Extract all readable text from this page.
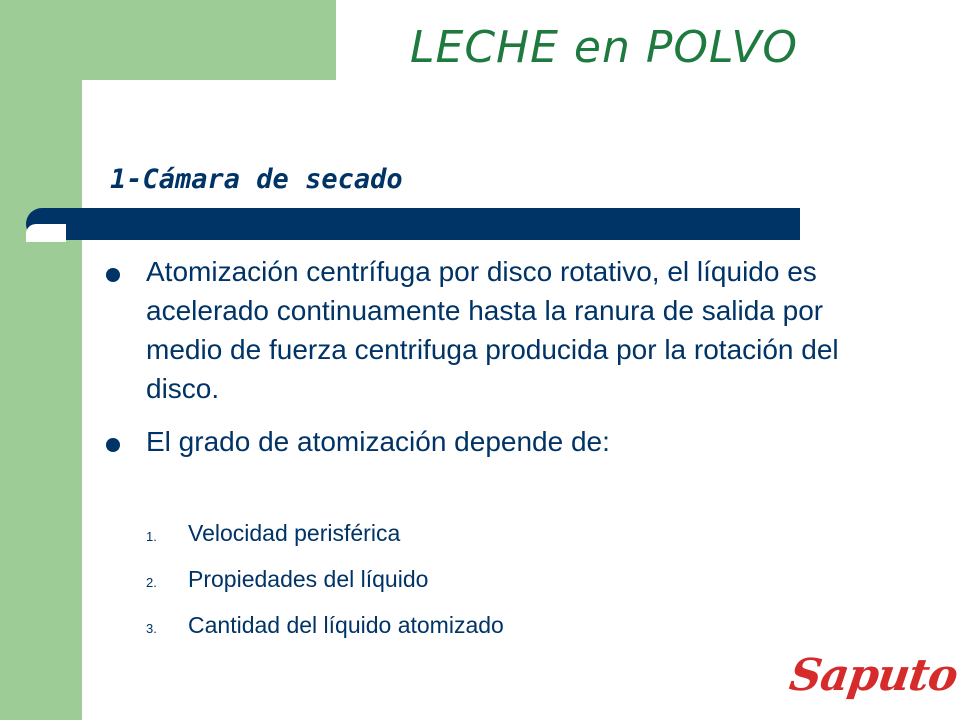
LECHE en POLVO
1-Cámara de secado
Atomización centrífuga por disco rotativo, el líquido es acelerado continuamente hasta la ranura de salida por medio de fuerza centrifuga producida por la rotación del disco.
El grado de atomización depende de:
1. Velocidad perisférica
2. Propiedades del líquido
3. Cantidad del líquido atomizado
Saputo
